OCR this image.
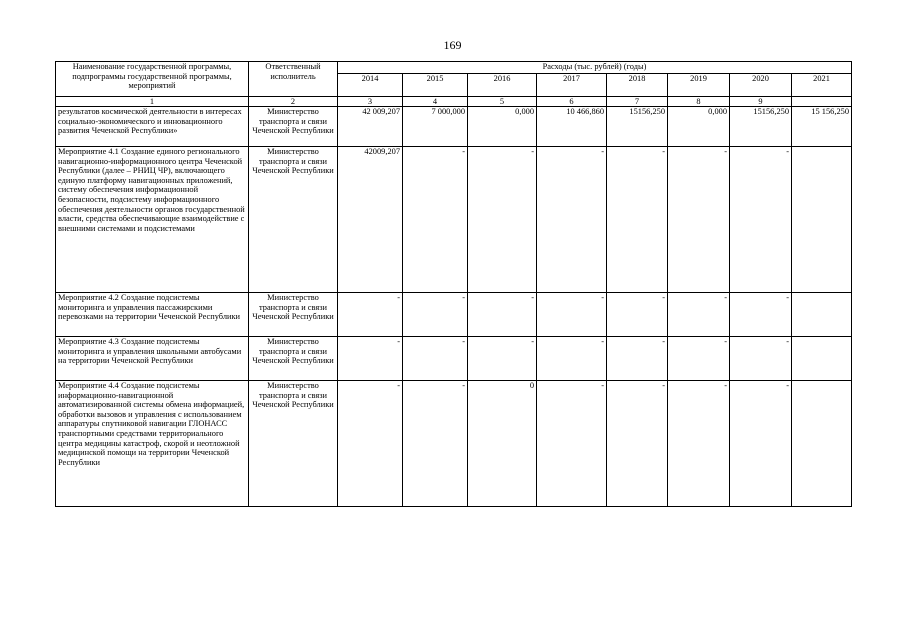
169
Наименование государственной программы, подпрограммы государственной программы, мероприятий	Ответственный исполнитель	Расходы (тыс. рублей) (годы)							
		2014	2015	2016	2017	2018	2019	2020	2021
1	2	3	4	5	6	7	8	9	
результатов космической деятельности в интересах социально-экономического и инновационного развития Чеченской Республики»	Министерство транспорта и связи Чеченской Республики	42 009,207	7 000,000	0,000	10 466,860	15156,250	0,000	15156,250	15 156,250
Мероприятие 4.1 Создание единого регионального навигационно-информационного центра Чеченской Республики (далее – РНИЦ ЧР), включающего единую платформу навигационных приложений, систему обеспечения информационной безопасности, подсистему информационного обеспечения деятельности органов государственной власти, средства обеспечивающие взаимодействие с внешними системами и подсистемами	Министерство транспорта и связи Чеченской Республики	42009,207	-	-	-	-	-	-	
Мероприятие 4.2 Создание подсистемы мониторинга и управления пассажирскими перевозками на территории Чеченской Республики	Министерство транспорта и связи Чеченской Республики	-	-	-	-	-	-	-	
Мероприятие 4.3 Создание подсистемы мониторинга и управления школьными автобусами на территории Чеченской Республики	Министерство транспорта и связи Чеченской Республики	-	-	-	-	-	-	-	
Мероприятие 4.4 Создание подсистемы информационно-навигационной автоматизированной системы обмена информацией, обработки вызовов и управления с использованием аппаратуры спутниковой навигации ГЛОНАСС транспортными средствами территориального центра медицины катастроф, скорой и неотложной медицинской помощи на территории Чеченской Республики	Министерство транспорта и связи Чеченской Республики	-	-	0	-	-	-	-	
